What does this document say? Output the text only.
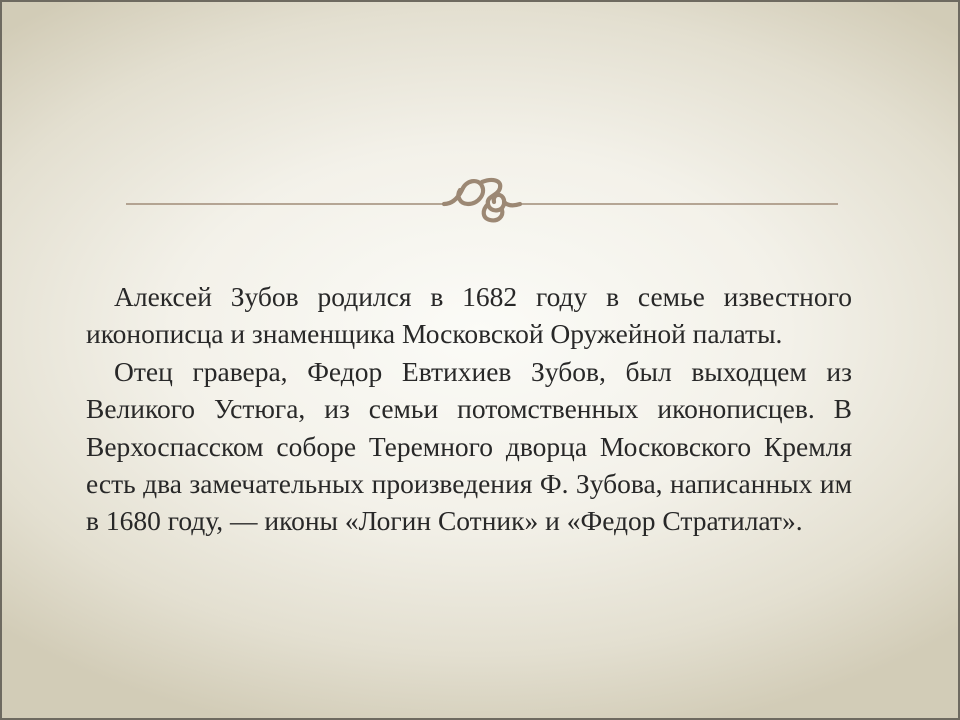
Алексей Зубов родился в 1682 году в семье известного иконописца и знаменщика Московской Оружейной палаты.

Отец гравера, Федор Евтихиев Зубов, был выходцем из Великого Устюга, из семьи потомственных иконописцев. В Верхоспасском соборе Теремного дворца Московского Кремля есть два замечательных произведения Ф. Зубова, написанных им в 1680 году, — иконы «Логин Сотник» и «Федор Стратилат».
